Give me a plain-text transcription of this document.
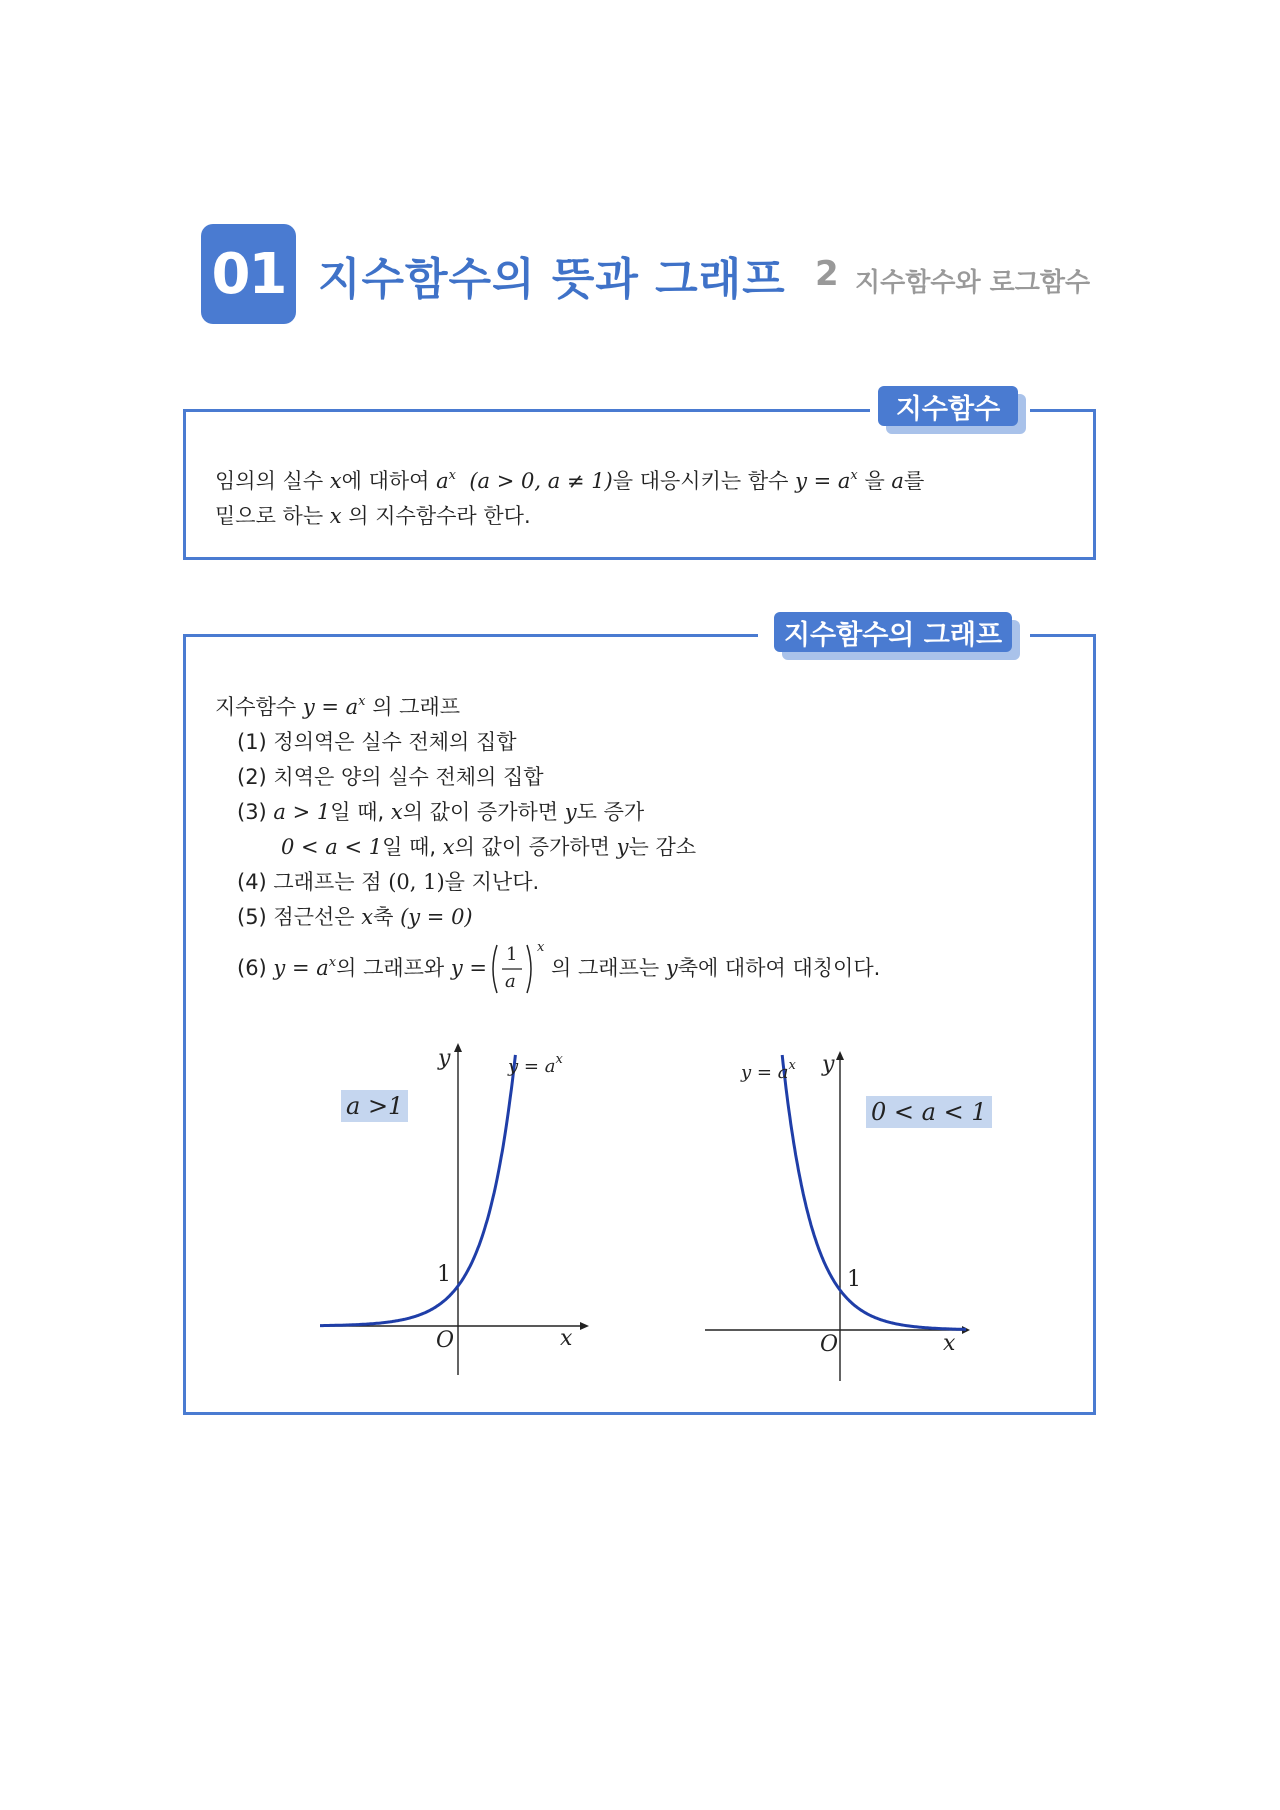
01 지수함수의 뜻과 그래프 2 지수함수와 로그함수
지수함수
임의의 실수 x에 대하여 $a^x$ (a > 0, a ≠ 1)을 대응시키는 함수 $y = a^x$ 을 a를
밑으로 하는 x 의 지수함수라 한다.
지수함수의 그래프
지수함수 $y = a^x$ 의 그래프
(1) 정의역은 실수 전체의 집합
(2) 치역은 양의 실수 전체의 집합
(3) a > 1일 때, x의 값이 증가하면 y도 증가
0 < a < 1일 때, x의 값이 증가하면 y는 감소
(4) 그래프는 점 (0, 1)을 지난다.
(5) 점근선은 x축 (y = 0)
(6) $y = a^x$의 그래프와 y =
1
a
x
의 그래프는 y축에 대하여 대칭이다.
y
x
O
1
$y = a^x$
a >1
y
x
O
1
$y = a^x$
0 < a < 1
